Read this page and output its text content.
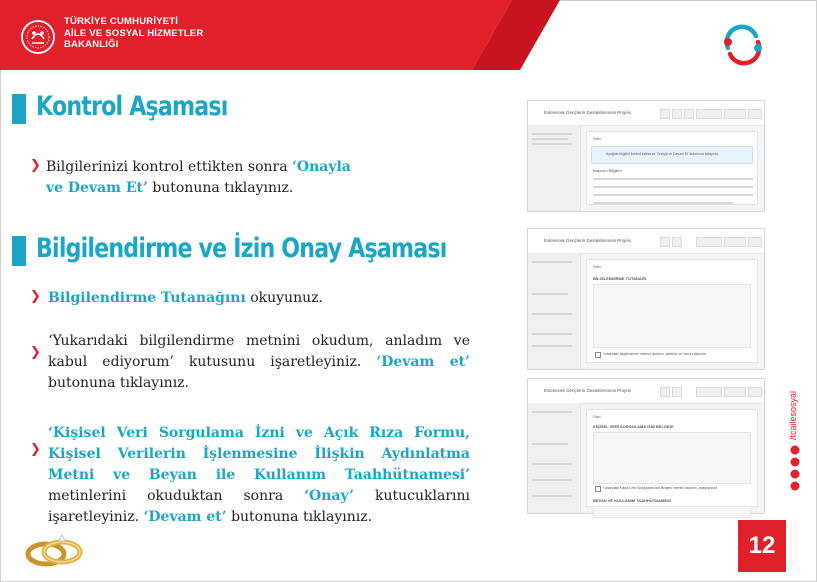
TÜRKİYE CUMHURİYETİ
AİLE VE SOSYAL HİZMETLER
BAKANLIĞI
Kontrol Aşaması
❯ Bilgilerinizi kontrol ettikten sonra ‘Onayla
ve Devam Et’ butonuna tıklayınız.
Bilgilendirme ve İzin Onay Aşaması
❯ Bilgilendirme Tutanağını okuyunuz.
❯
‘Yukarıdaki bilgilendirme metnini okudum, anladım ve kabul ediyorum’ kutusunu işaretleyiniz. ‘Devam et’ butonuna tıklayınız.
❯
‘Kişisel Veri Sorgulama İzni ve Açık Rıza Formu, Kişisel Verilerin İşlenmesine İlişkin Aydınlatma Metni ve Beyan ile Kullanım Taahhütnamesi’ metinlerini okuduktan sonra ‘Onay’ kutucuklarını işaretleyiniz. ‘Devam et’ butonuna tıklayınız.
Evlenecek Gençlerin Desteklenmesi Projesi
Geri
Aşağıda bilgileri kontrol ediniz ve 'Onayla ve Devam Et' butonuna tıklayınız.
Başvuru Bilgileri
Evlenecek Gençlerin Desteklenmesi Projesi
Geri
BİLGİLENDİRME TUTANAĞI
Yukarıdaki bilgilendirme metnini okudum, anladım ve kabul ediyorum.
Evlenecek Gençlerin Desteklenmesi Projesi
Geri
KİŞİSEL VERİ SORGULAMA İZNİ BELGESİ
Yukarıdaki Kişisel Veri Sorgulama İzni Belgesi metnini okudum, onaylıyorum.
BEYAN VE KULLANIM TAAHHÜTNAMESİ
/tcailesosyal
12
